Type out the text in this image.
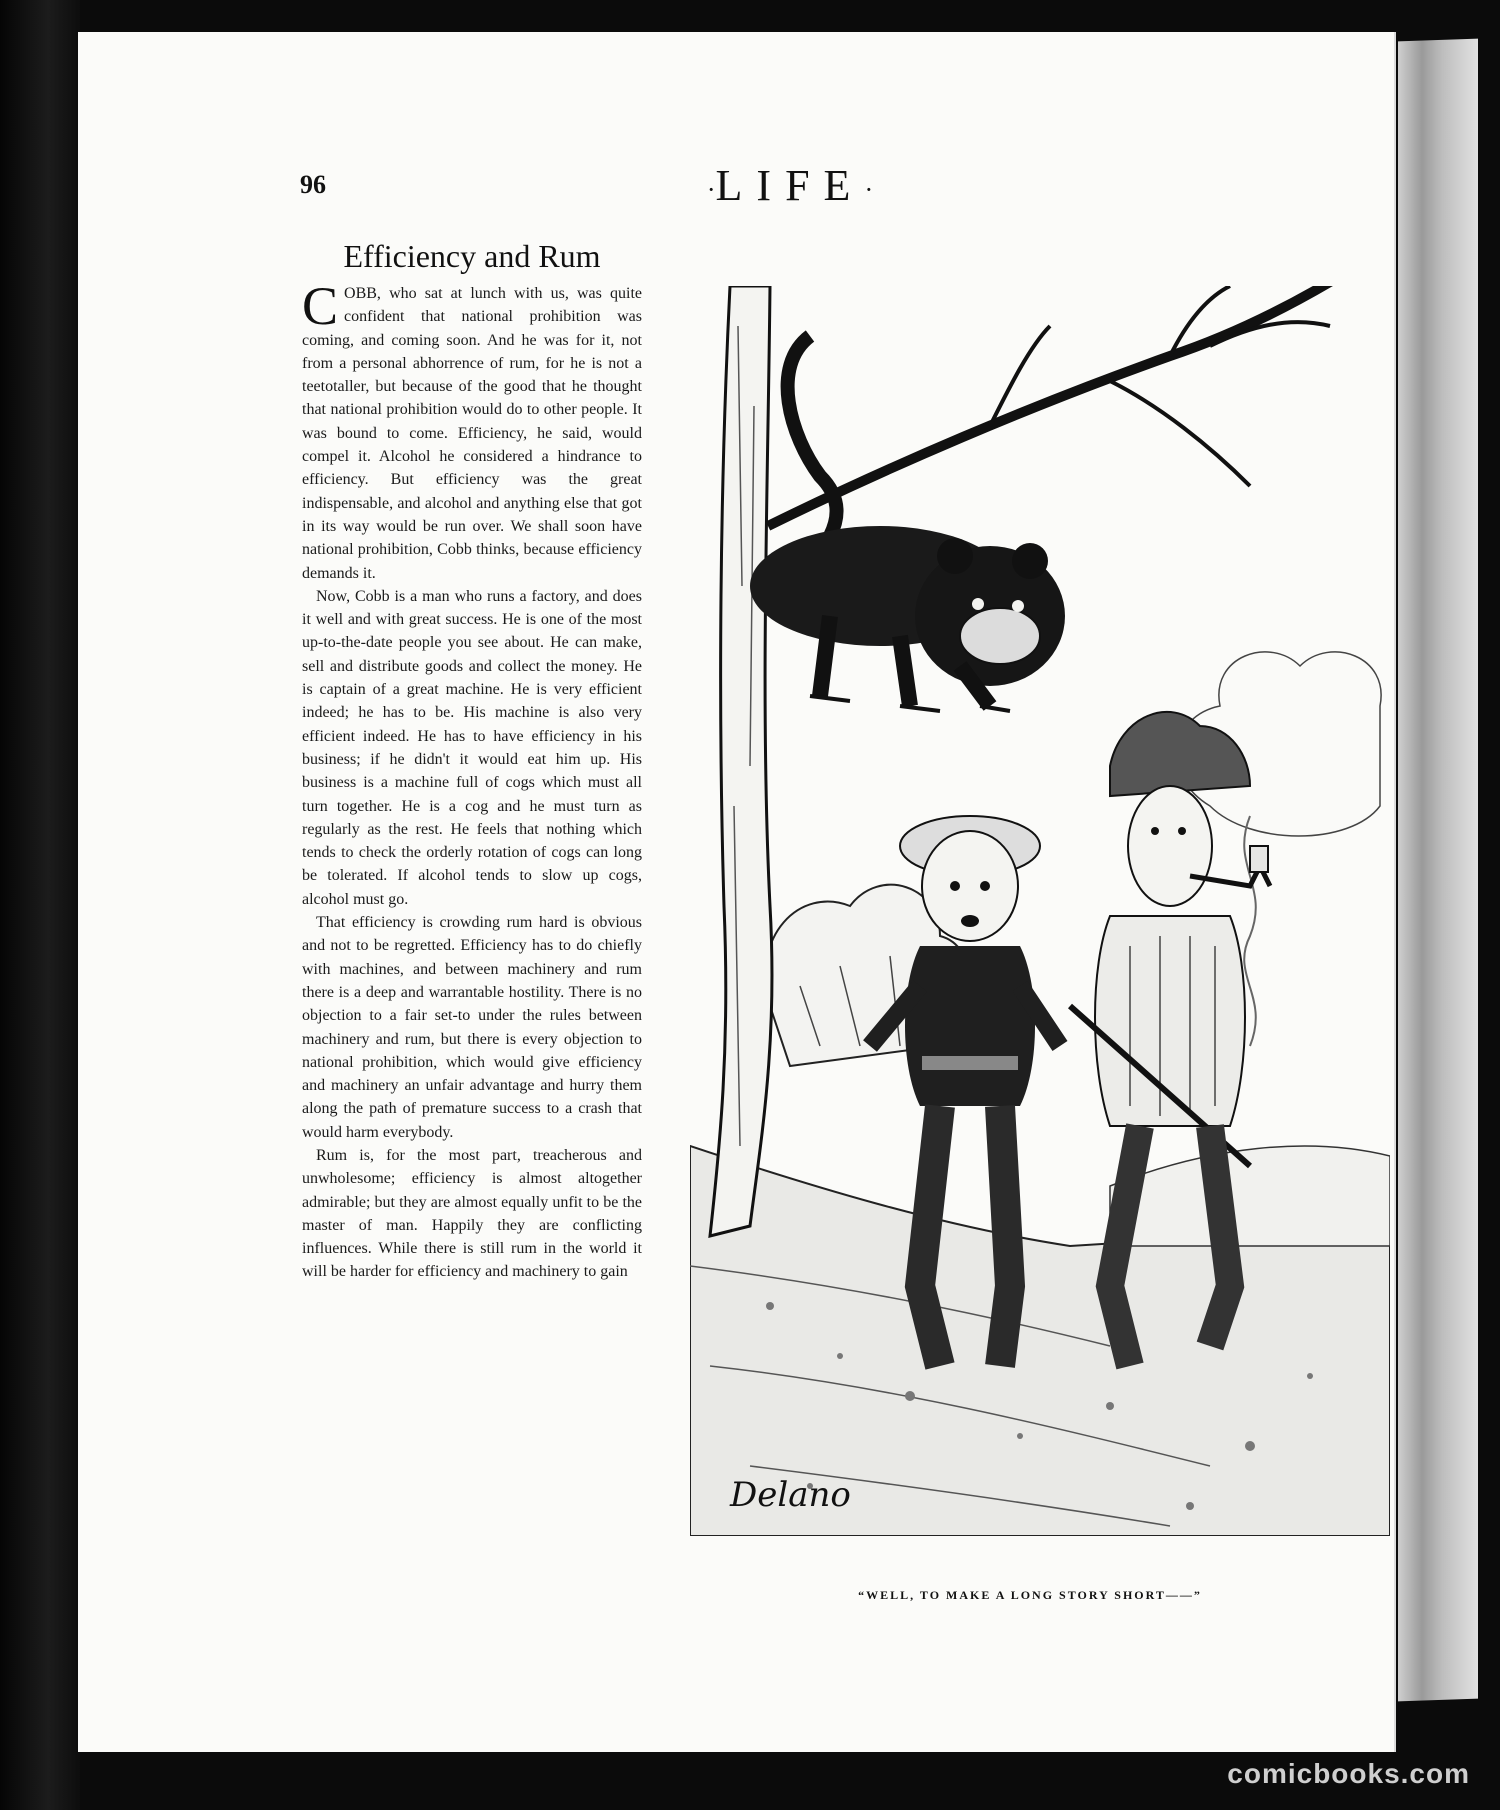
96	·LIFE·
Efficiency and Rum

COBB, who sat at lunch with us, was quite confident that national prohibition was coming, and coming soon. And he was for it, not from a personal abhorrence of rum, for he is not a teetotaller, but because of the good that he thought that national prohibition would do to other people. It was bound to come. Efficiency, he said, would compel it. Alcohol he considered a hindrance to efficiency. But efficiency was the great indispensable, and alcohol and anything else that got in its way would be run over. We shall soon have national prohibition, Cobb thinks, because efficiency demands it.

Now, Cobb is a man who runs a factory, and does it well and with great success. He is one of the most up-to-the-date people you see about. He can make, sell and distribute goods and collect the money. He is captain of a great machine. He is very efficient indeed; he has to be. His machine is also very efficient indeed. He has to have efficiency in his business; if he didn't it would eat him up. His business is a machine full of cogs which must all turn together. He is a cog and he must turn as regularly as the rest. He feels that nothing which tends to check the orderly rotation of cogs can long be tolerated. If alcohol tends to slow up cogs, alcohol must go.

That efficiency is crowding rum hard is obvious and not to be regretted. Efficiency has to do chiefly with machines, and between machinery and rum there is a deep and warrantable hostility. There is no objection to a fair set-to under the rules between machinery and rum, but there is every objection to national prohibition, which would give efficiency and machinery an unfair advantage and hurry them along the path of premature success to a crash that would harm everybody.

Rum is, for the most part, treacherous and unwholesome; efficiency is almost altogether admirable; but they are almost equally unfit to be the master of man. Happily they are conflicting influences. While there is still rum in the world it will be harder for efficiency and machinery to gain

Delano
“WELL, TO MAKE A LONG STORY SHORT——”
comicbooks.com
